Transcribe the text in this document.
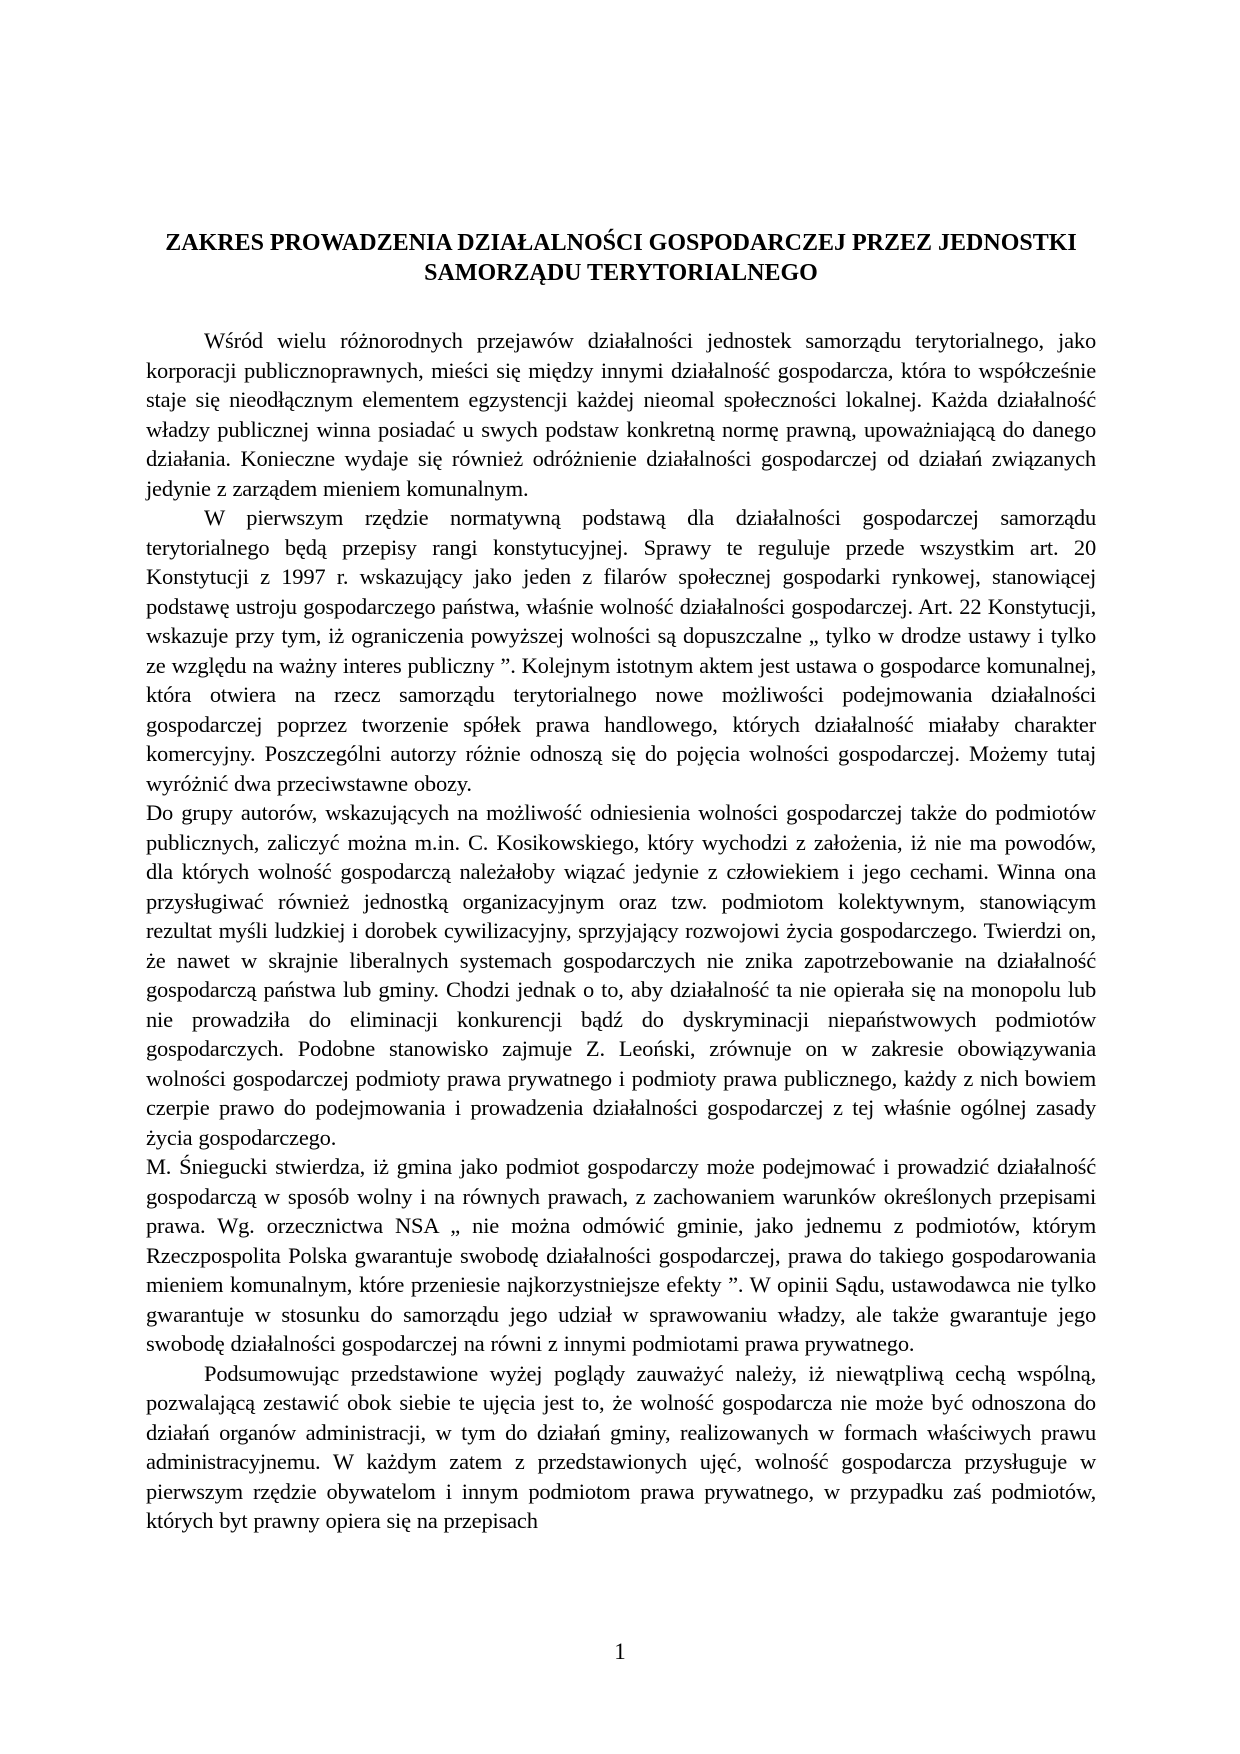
ZAKRES PROWADZENIA DZIAŁALNOŚCI GOSPODARCZEJ PRZEZ JEDNOSTKI
SAMORZĄDU TERYTORIALNEGO

Wśród wielu różnorodnych przejawów działalności jednostek samorządu terytorialnego, jako korporacji publicznoprawnych, mieści się między innymi działalność gospodarcza, która to współcześnie staje się nieodłącznym elementem egzystencji każdej nieomal społeczności lokalnej. Każda działalność władzy publicznej winna posiadać u swych podstaw konkretną normę prawną, upoważniającą do danego działania. Konieczne wydaje się również odróżnienie działalności gospodarczej od działań związanych jedynie z zarządem mieniem komunalnym.

W pierwszym rzędzie normatywną podstawą dla działalności gospodarczej samorządu terytorialnego będą przepisy rangi konstytucyjnej. Sprawy te reguluje przede wszystkim art. 20 Konstytucji z 1997 r. wskazujący jako jeden z filarów społecznej gospodarki rynkowej, stanowiącej podstawę ustroju gospodarczego państwa, właśnie wolność działalności gospodarczej. Art. 22 Konstytucji, wskazuje przy tym, iż ograniczenia powyższej wolności są dopuszczalne „ tylko w drodze ustawy i tylko ze względu na ważny interes publiczny ”. Kolejnym istotnym aktem jest ustawa o gospodarce komunalnej, która otwiera na rzecz samorządu terytorialnego nowe możliwości podejmowania działalności gospodarczej poprzez tworzenie spółek prawa handlowego, których działalność miałaby charakter komercyjny. Poszczególni autorzy różnie odnoszą się do pojęcia wolności gospodarczej. Możemy tutaj wyróżnić dwa przeciwstawne obozy.

Do grupy autorów, wskazujących na możliwość odniesienia wolności gospodarczej także do podmiotów publicznych, zaliczyć można m.in. C. Kosikowskiego, który wychodzi z założenia, iż nie ma powodów, dla których wolność gospodarczą należałoby wiązać jedynie z człowiekiem i jego cechami. Winna ona przysługiwać również jednostką organizacyjnym oraz tzw. podmiotom kolektywnym, stanowiącym rezultat myśli ludzkiej i dorobek cywilizacyjny, sprzyjający rozwojowi życia gospodarczego. Twierdzi on, że nawet w skrajnie liberalnych systemach gospodarczych nie znika zapotrzebowanie na działalność gospodarczą państwa lub gminy. Chodzi jednak o to, aby działalność ta nie opierała się na monopolu lub nie prowadziła do eliminacji konkurencji bądź do dyskryminacji niepaństwowych podmiotów gospodarczych. Podobne stanowisko zajmuje Z. Leoński, zrównuje on w zakresie obowiązywania wolności gospodarczej podmioty prawa prywatnego i podmioty prawa publicznego, każdy z nich bowiem czerpie prawo do podejmowania i prowadzenia działalności gospodarczej z tej właśnie ogólnej zasady życia gospodarczego.

M. Śniegucki stwierdza, iż gmina jako podmiot gospodarczy może podejmować i prowadzić działalność gospodarczą w sposób wolny i na równych prawach, z zachowaniem warunków określonych przepisami prawa. Wg. orzecznictwa NSA „ nie można odmówić gminie, jako jednemu z podmiotów, którym Rzeczpospolita Polska gwarantuje swobodę działalności gospodarczej, prawa do takiego gospodarowania mieniem komunalnym, które przeniesie najkorzystniejsze efekty ”. W opinii Sądu, ustawodawca nie tylko gwarantuje w stosunku do samorządu jego udział w sprawowaniu władzy, ale także gwarantuje jego swobodę działalności gospodarczej na równi z innymi podmiotami prawa prywatnego.

Podsumowując przedstawione wyżej poglądy zauważyć należy, iż niewątpliwą cechą wspólną, pozwalającą zestawić obok siebie te ujęcia jest to, że wolność gospodarcza nie może być odnoszona do działań organów administracji, w tym do działań gminy, realizowanych w formach właściwych prawu administracyjnemu. W każdym zatem z przedstawionych ujęć, wolność gospodarcza przysługuje w pierwszym rzędzie obywatelom i innym podmiotom prawa prywatnego, w przypadku zaś podmiotów, których byt prawny opiera się na przepisach

1
